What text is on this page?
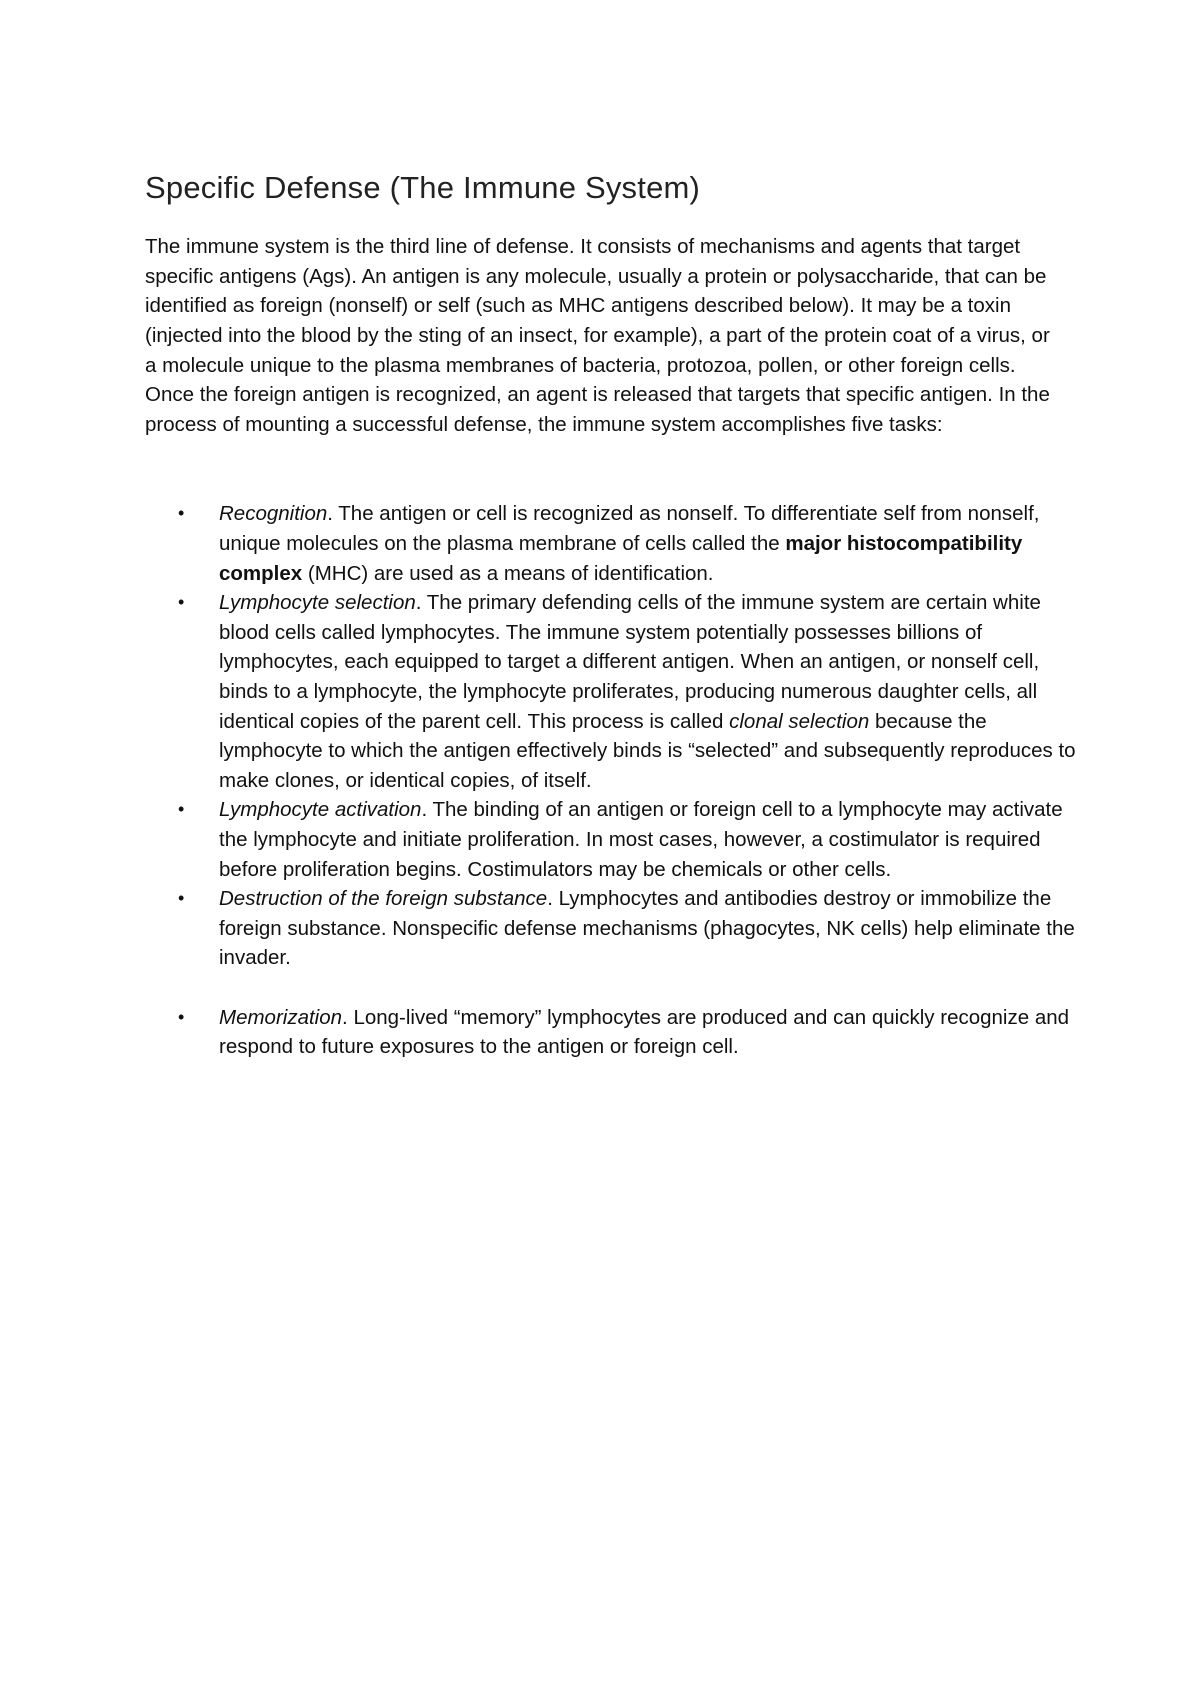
Specific Defense (The Immune System)

The immune system is the third line of defense. It consists of mechanisms and agents that target specific antigens (Ags). An antigen is any molecule, usually a protein or polysaccharide, that can be identified as foreign (nonself) or self (such as MHC antigens described below). It may be a toxin (injected into the blood by the sting of an insect, for example), a part of the protein coat of a virus, or a molecule unique to the plasma membranes of bacteria, protozoa, pollen, or other foreign cells. Once the foreign antigen is recognized, an agent is released that targets that specific antigen. In the process of mounting a successful defense, the immune system accomplishes five tasks:

• Recognition. The antigen or cell is recognized as nonself. To differentiate self from nonself, unique molecules on the plasma membrane of cells called the major histocompatibility complex (MHC) are used as a means of identification.
• Lymphocyte selection. The primary defending cells of the immune system are certain white blood cells called lymphocytes. The immune system potentially possesses billions of lymphocytes, each equipped to target a different antigen. When an antigen, or nonself cell, binds to a lymphocyte, the lymphocyte proliferates, producing numerous daughter cells, all identical copies of the parent cell. This process is called clonal selection because the lymphocyte to which the antigen effectively binds is “selected” and subsequently reproduces to make clones, or identical copies, of itself.
• Lymphocyte activation. The binding of an antigen or foreign cell to a lymphocyte may activate the lymphocyte and initiate proliferation. In most cases, however, a costimulator is required before proliferation begins. Costimulators may be chemicals or other cells.
• Destruction of the foreign substance. Lymphocytes and antibodies destroy or immobilize the foreign substance. Nonspecific defense mechanisms (phagocytes, NK cells) help eliminate the invader.
• Memorization. Long-lived “memory” lymphocytes are produced and can quickly recognize and respond to future exposures to the antigen or foreign cell.
